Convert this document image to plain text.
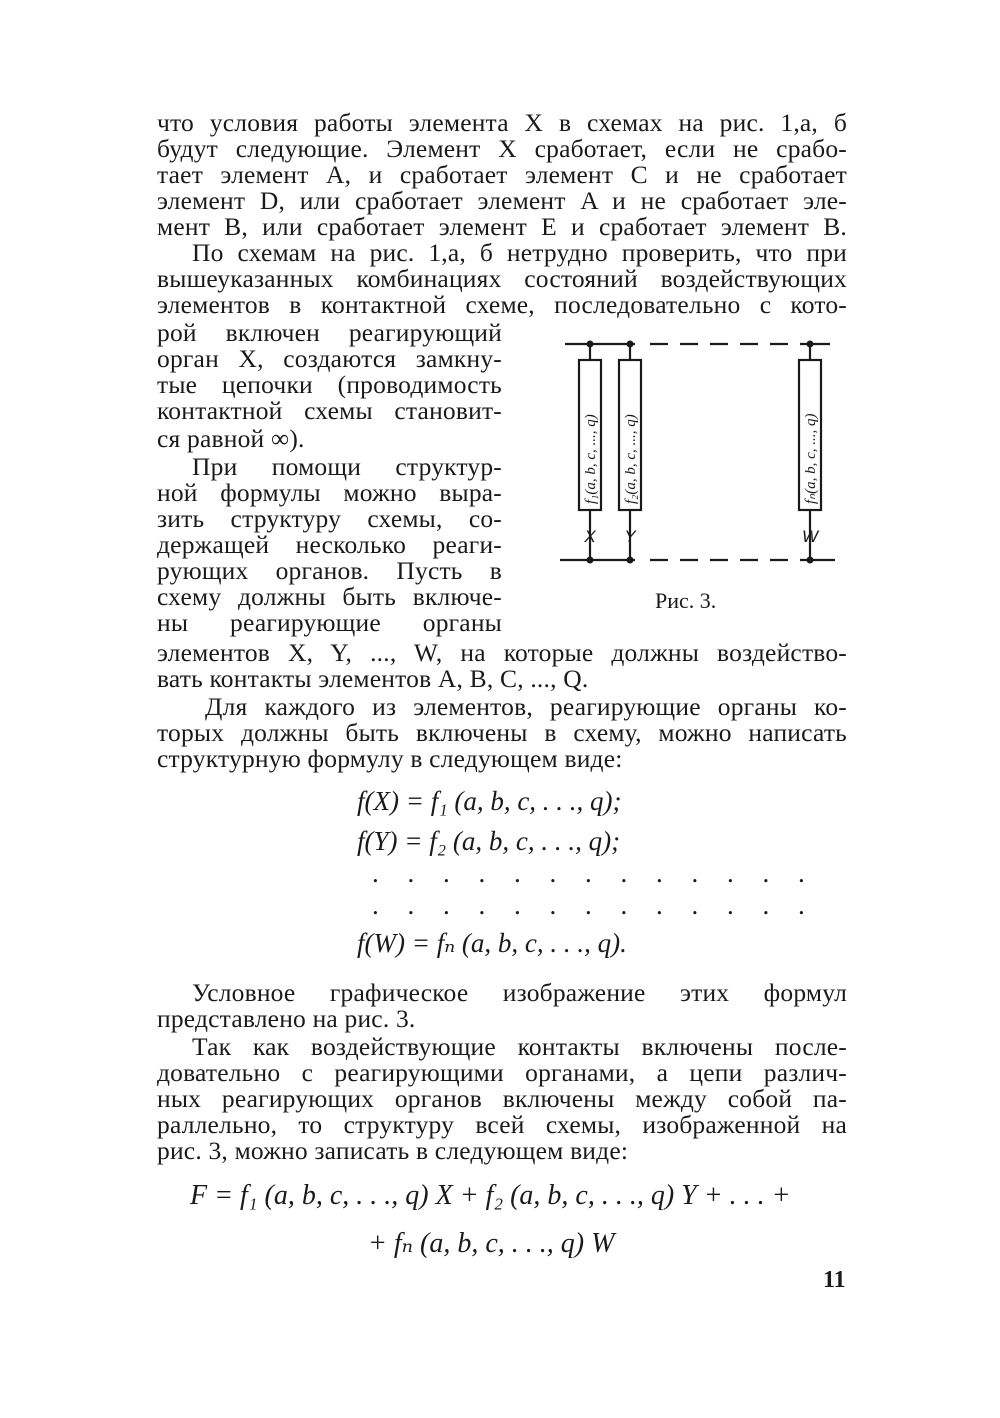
что условия работы элемента X в схемах на рис. 1,а, б
будут следующие. Элемент X сработает, если не срабо-
тает элемент A, и сработает элемент C и не сработает
элемент D, или сработает элемент A и не сработает эле-
мент B, или сработает элемент E и сработает элемент B.
По схемам на рис. 1,а, б нетрудно проверить, что при
вышеуказанных комбинациях состояний воздействующих
элементов в контактной схеме, последовательно с кото-
рой включен реагирующий
орган X, создаются замкну-
тые цепочки (проводимость
контактной схемы становит-
ся равной ∞).
При помощи структур-
ной формулы можно выра-
зить структуру схемы, со-
держащей несколько реаги-
рующих органов. Пусть в
схему должны быть включе-
ны реагирующие органы
элементов X, Y, ..., W, на которые должны воздейство-
вать контакты элементов A, B, C, ..., Q.
Для каждого из элементов, реагирующие органы ко-
торых должны быть включены в схему, можно написать
структурную формулу в следующем виде:
f(X) = f₁ (a, b, c, . . ., q);
f(Y) = f₂ (a, b, c, . . ., q);
. . . . . . . . . . . . .
. . . . . . . . . . . . .
f(W) = fₙ (a, b, c, . . ., q).
Условное графическое изображение этих формул
представлено на рис. 3.
Так как воздействующие контакты включены после-
довательно с реагирующими органами, а цепи различ-
ных реагирующих органов включены между собой па-
раллельно, то структуру всей схемы, изображенной на
рис. 3, можно записать в следующем виде:
F = f₁ (a, b, c, . . ., q) X + f₂ (a, b, c, . . ., q) Y + . . . +
+ fₙ (a, b, c, . . ., q) W
f₁(a, b, c, ..., q) f₂(a, b, c, ..., q)	fₙ(a, b, c, ..., q)
X Y	W
Рис. 3.
11
